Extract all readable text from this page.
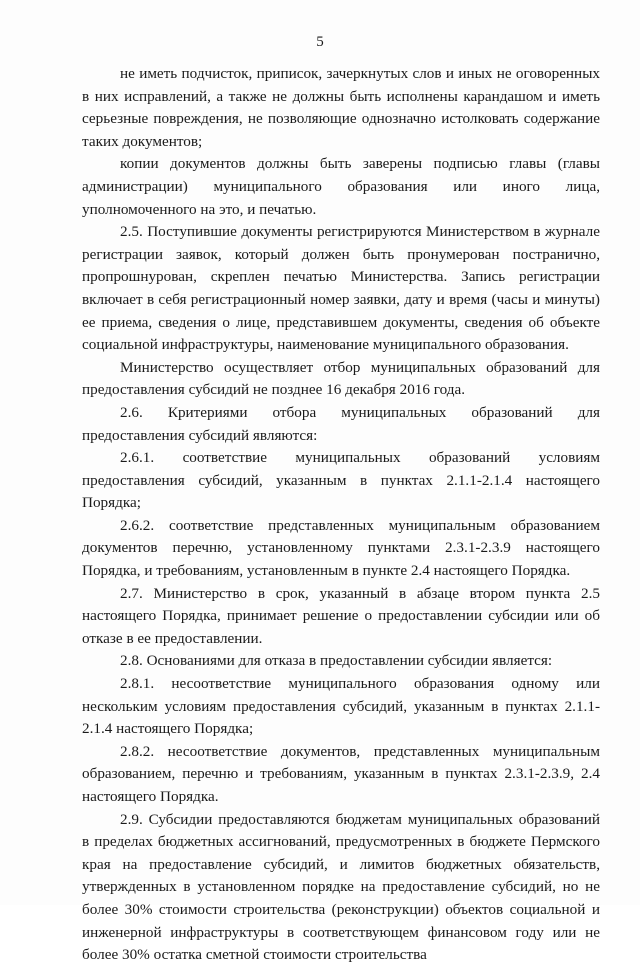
5

не иметь подчисток, приписок, зачеркнутых слов и иных не оговоренных в них исправлений, а также не должны быть исполнены карандашом и иметь серьезные повреждения, не позволяющие однозначно истолковать содержание таких документов;

копии документов должны быть заверены подписью главы (главы администрации) муниципального образования или иного лица, уполномоченного на это, и печатью.

2.5. Поступившие документы регистрируются Министерством в журнале регистрации заявок, который должен быть пронумерован постранично, пропрошнурован, скреплен печатью Министерства. Запись регистрации включает в себя регистрационный номер заявки, дату и время (часы и минуты) ее приема, сведения о лице, представившем документы, сведения об объекте социальной инфраструктуры, наименование муниципального образования.

Министерство осуществляет отбор муниципальных образований для предоставления субсидий не позднее 16 декабря 2016 года.

2.6. Критериями отбора муниципальных образований для предоставления субсидий являются:

2.6.1. соответствие муниципальных образований условиям предоставления субсидий, указанным в пунктах 2.1.1-2.1.4 настоящего Порядка;

2.6.2. соответствие представленных муниципальным образованием документов перечню, установленному пунктами 2.3.1-2.3.9 настоящего Порядка, и требованиям, установленным в пункте 2.4 настоящего Порядка.

2.7. Министерство в срок, указанный в абзаце втором пункта 2.5 настоящего Порядка, принимает решение о предоставлении субсидии или об отказе в ее предоставлении.

2.8. Основаниями для отказа в предоставлении субсидии является:

2.8.1. несоответствие муниципального образования одному или нескольким условиям предоставления субсидий, указанным в пунктах 2.1.1-2.1.4 настоящего Порядка;

2.8.2. несоответствие документов, представленных муниципальным образованием, перечню и требованиям, указанным в пунктах 2.3.1-2.3.9, 2.4 настоящего Порядка.

2.9. Субсидии предоставляются бюджетам муниципальных образований в пределах бюджетных ассигнований, предусмотренных в бюджете Пермского края на предоставление субсидий, и лимитов бюджетных обязательств, утвержденных в установленном порядке на предоставление субсидий, но не более 30% стоимости строительства (реконструкции) объектов социальной и инженерной инфраструктуры в соответствующем финансовом году или не более 30% остатка сметной стоимости строительства
